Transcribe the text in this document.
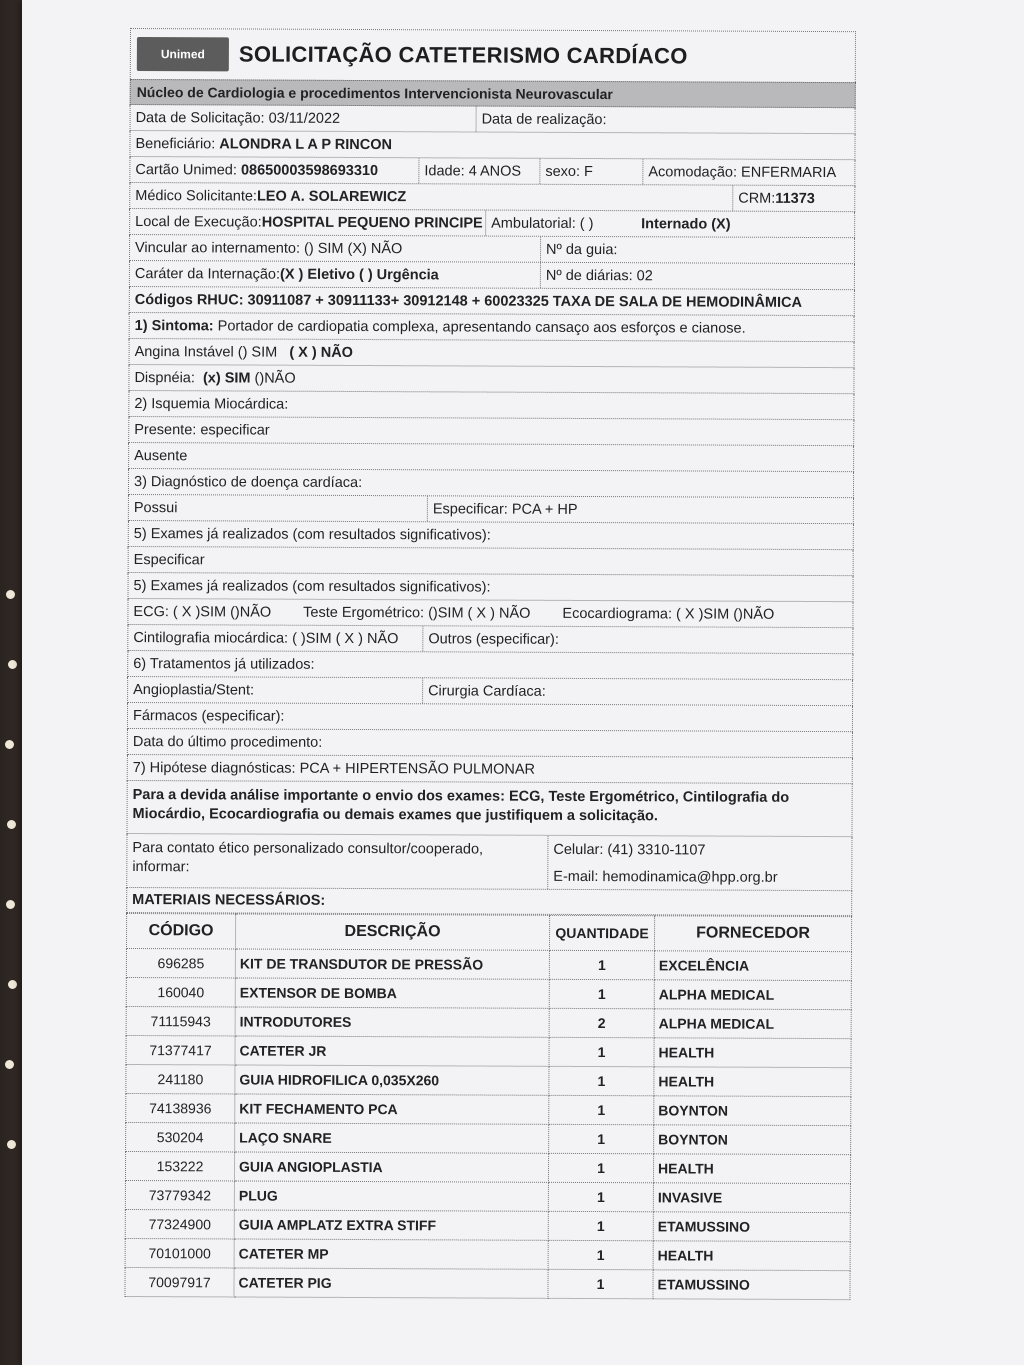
Unimed	SOLICITAÇÃO CATETERISMO CARDÍACO
Núcleo de Cardiologia e procedimentos Intervencionista Neurovascular
Data de Solicitação: 03/11/2022	Data de realização:
Beneficiário:
ALONDRA L A P RINCON
Cartão Unimed:
08650003598693310	Idade: 4 ANOS	sexo: F	Acomodação: ENFERMARIA
Médico Solicitante: LEO A. SOLAREWICZ	CRM: 11373
Local de Execução: HOSPITAL PEQUENO PRINCIPE Ambulatorial: ( )	Internado (X)
Vincular ao internamento: () SIM (X) NÃO	Nº da guia:
Caráter da Internação: (X ) Eletivo ( ) Urgência	Nº de diárias: 02
Códigos RHUC: 30911087 + 30911133+ 30912148 + 60023325 TAXA DE SALA DE HEMODINÂMICA
1) Sintoma:
Portador de cardiopatia complexa, apresentando cansaço aos esforços e cianose.
Angina Instável () SIM
( X ) NÃO
Dispnéia:
(x) SIM
()NÃO
2) Isquemia Miocárdica:
Presente: especificar
Ausente
3) Diagnóstico de doença cardíaca:
Possui	Especificar: PCA + HP
5) Exames já realizados (com resultados significativos):
Especificar
5) Exames já realizados (com resultados significativos):
ECG: ( X )SIM ()NÃO Teste Ergométrico: ()SIM ( X ) NÃO Ecocardiograma: ( X )SIM ()NÃO
Cintilografia miocárdica: ( )SIM ( X ) NÃO	Outros (especificar):
6) Tratamentos já utilizados:
Angioplastia/Stent:	Cirurgia Cardíaca:
Fármacos (especificar):
Data do último procedimento:
7) Hipótese diagnósticas: PCA + HIPERTENSÃO PULMONAR
Para a devida análise importante o envio dos exames: ECG, Teste Ergométrico, Cintilografia do Miocárdio, Ecocardiografia ou demais exames que justifiquem a solicitação.
Para contato ético personalizado consultor/cooperado, informar:
Celular: (41) 3310-1107
E-mail: hemodinamica@hpp.org.br
MATERIAIS NECESSÁRIOS:
CÓDIGO	DESCRIÇÃO	QUANTIDADE	FORNECEDOR
696285	KIT DE TRANSDUTOR DE PRESSÃO	1	EXCELÊNCIA
160040	EXTENSOR DE BOMBA	1	ALPHA MEDICAL
71115943	INTRODUTORES	2	ALPHA MEDICAL
71377417	CATETER JR	1	HEALTH
241180	GUIA HIDROFILICA 0,035X260	1	HEALTH
74138936	KIT FECHAMENTO PCA	1	BOYNTON
530204	LAÇO SNARE	1	BOYNTON
153222	GUIA ANGIOPLASTIA	1	HEALTH
73779342	PLUG	1	INVASIVE
77324900	GUIA AMPLATZ EXTRA STIFF	1	ETAMUSSINO
70101000	CATETER MP	1	HEALTH
70097917	CATETER PIG	1	ETAMUSSINO
